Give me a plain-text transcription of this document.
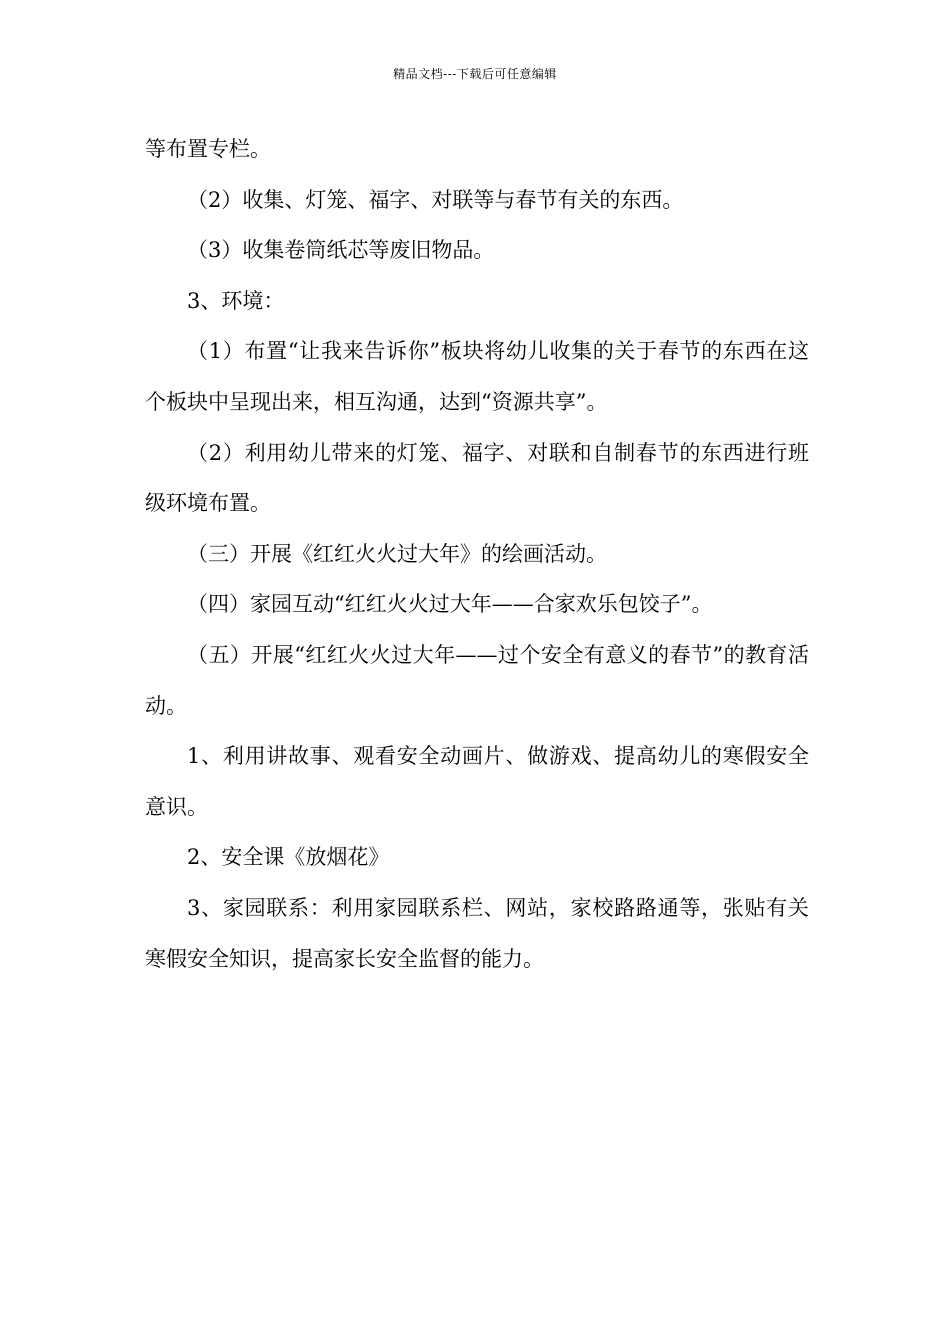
精品文档---下载后可任意编辑

等布置专栏。

（2）收集、灯笼、福字、对联等与春节有关的东西。

（3）收集卷筒纸芯等废旧物品。

3、环境：

（1）布置“让我来告诉你”板块将幼儿收集的关于春节的东西在这个板块中呈现出来，相互沟通，达到“资源共享”。

（2）利用幼儿带来的灯笼、福字、对联和自制春节的东西进行班级环境布置。

（三）开展《红红火火过大年》的绘画活动。

（四）家园互动“红红火火过大年——合家欢乐包饺子”。

（五）开展“红红火火过大年——过个安全有意义的春节”的教育活动。

1、利用讲故事、观看安全动画片、做游戏、提高幼儿的寒假安全意识。

2、安全课《放烟花》

3、家园联系：利用家园联系栏、网站，家校路路通等，张贴有关寒假安全知识，提高家长安全监督的能力。
